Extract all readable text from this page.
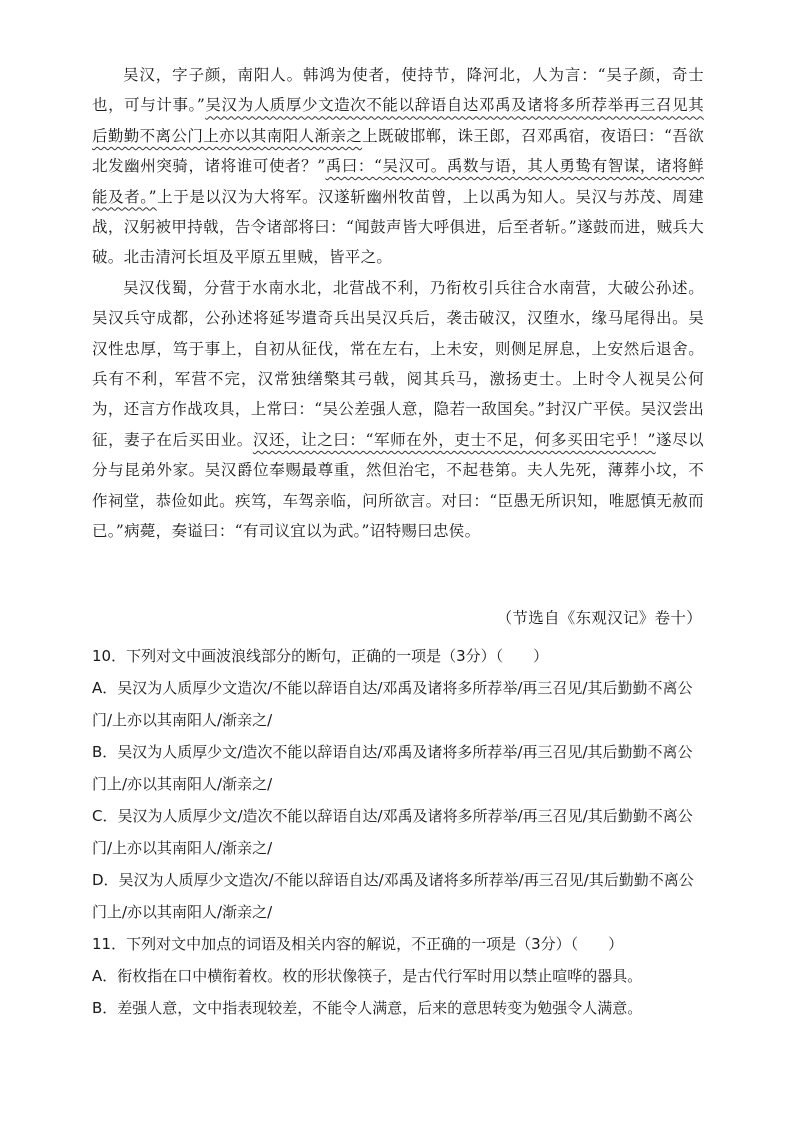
吴汉，字子颜，南阳人。韩鸿为使者，使持节，降河北，人为言：“吴子颜，奇士也，可与计事。”吴汉为人质厚少文造次不能以辞语自达邓禹及诸将多所荐举再三召见其后勤勤不离公门上亦以其南阳人渐亲之上既破邯郸，诛王郎，召邓禹宿，夜语曰：“吾欲北发幽州突骑，诸将谁可使者？”禹曰：“吴汉可。禹数与语，其人勇鸷有智谋，诸将鲜能及者。”上于是以汉为大将军。汉遂斩幽州牧苗曾，上以禹为知人。吴汉与苏茂、周建战，汉躬被甲持戟，告令诸部将曰：“闻鼓声皆大呼俱进，后至者斩。”遂鼓而进，贼兵大破。北击清河长垣及平原五里贼，皆平之。

吴汉伐蜀，分营于水南水北，北营战不利，乃衔枚引兵往合水南营，大破公孙述。吴汉兵守成都，公孙述将延岑遣奇兵出吴汉兵后，袭击破汉，汉堕水，缘马尾得出。吴汉性忠厚，笃于事上，自初从征伐，常在左右，上未安，则侧足屏息，上安然后退舍。兵有不利，军营不完，汉常独缮檠其弓戟，阅其兵马，激扬吏士。上时令人视吴公何为，还言方作战攻具，上常曰：“吴公差强人意，隐若一敌国矣。”封汉广平侯。吴汉尝出征，妻子在后买田业。汉还，让之曰：“军师在外，吏士不足，何多买田宅乎！”遂尽以分与昆弟外家。吴汉爵位奉赐最尊重，然但治宅，不起巷第。夫人先死，薄葬小坟，不作祠堂，恭俭如此。疾笃，车驾亲临，问所欲言。对曰：“臣愚无所识知，唯愿慎无赦而已。”病薨，奏谥曰：“有司议宜以为武。”诏特赐曰忠侯。

（节选自《东观汉记》卷十）

10．下列对文中画波浪线部分的断句，正确的一项是（3分）（　　）

A．吴汉为人质厚少文造次/不能以辞语自达/邓禹及诸将多所荐举/再三召见/其后勤勤不离公门/上亦以其南阳人/渐亲之/

B．吴汉为人质厚少文/造次不能以辞语自达/邓禹及诸将多所荐举/再三召见/其后勤勤不离公门上/亦以其南阳人/渐亲之/

C．吴汉为人质厚少文/造次不能以辞语自达/邓禹及诸将多所荐举/再三召见/其后勤勤不离公门/上亦以其南阳人/渐亲之/

D．吴汉为人质厚少文造次/不能以辞语自达/邓禹及诸将多所荐举/再三召见/其后勤勤不离公门上/亦以其南阳人/渐亲之/

11．下列对文中加点的词语及相关内容的解说，不正确的一项是（3分）（　　）

A．衔枚指在口中横衔着枚。枚的形状像筷子，是古代行军时用以禁止喧哗的器具。

B．差强人意，文中指表现较差，不能令人满意，后来的意思转变为勉强令人满意。
